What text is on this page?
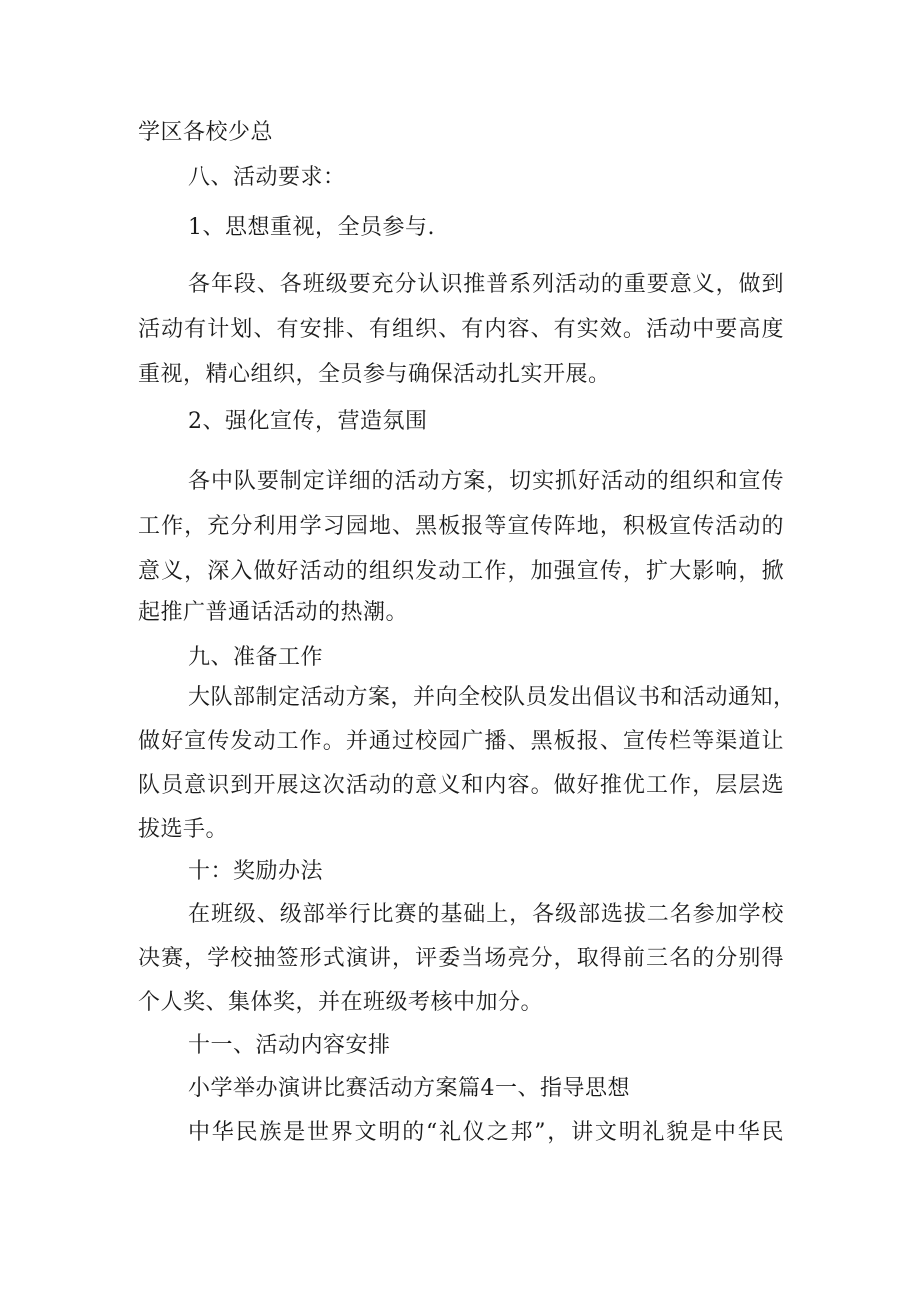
学区各校少总
八、活动要求：
1、思想重视，全员参与.
各年段、各班级要充分认识推普系列活动的重要意义，做到
活动有计划、有安排、有组织、有内容、有实效。活动中要高度
重视，精心组织，全员参与确保活动扎实开展。
2、强化宣传，营造氛围
各中队要制定详细的活动方案，切实抓好活动的组织和宣传
工作，充分利用学习园地、黑板报等宣传阵地，积极宣传活动的
意义，深入做好活动的组织发动工作，加强宣传，扩大影响，掀
起推广普通话活动的热潮。
九、准备工作
大队部制定活动方案，并向全校队员发出倡议书和活动通知，
做好宣传发动工作。并通过校园广播、黑板报、宣传栏等渠道让
队员意识到开展这次活动的意义和内容。做好推优工作，层层选
拔选手。
十：奖励办法
在班级、级部举行比赛的基础上，各级部选拔二名参加学校
决赛，学校抽签形式演讲，评委当场亮分，取得前三名的分别得
个人奖、集体奖，并在班级考核中加分。
十一、活动内容安排
小学举办演讲比赛活动方案篇4一、指导思想
中华民族是世界文明的“礼仪之邦”，讲文明礼貌是中华民
